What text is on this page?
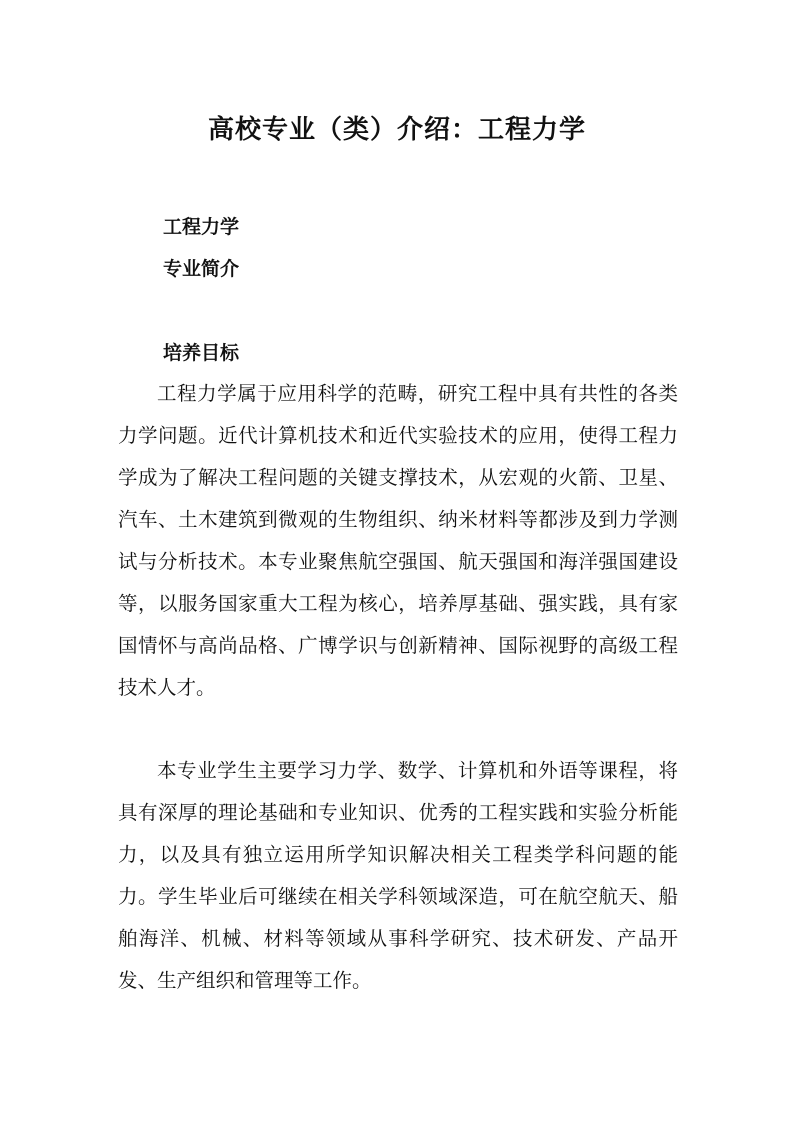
高校专业（类）介绍：工程力学
工程力学
专业简介
培养目标

工程力学属于应用科学的范畴，研究工程中具有共性的各类力学问题。近代计算机技术和近代实验技术的应用，使得工程力学成为了解决工程问题的关键支撑技术，从宏观的火箭、卫星、汽车、土木建筑到微观的生物组织、纳米材料等都涉及到力学测试与分析技术。本专业聚焦航空强国、航天强国和海洋强国建设等，以服务国家重大工程为核心，培养厚基础、强实践，具有家国情怀与高尚品格、广博学识与创新精神、国际视野的高级工程技术人才。

本专业学生主要学习力学、数学、计算机和外语等课程，将具有深厚的理论基础和专业知识、优秀的工程实践和实验分析能力，以及具有独立运用所学知识解决相关工程类学科问题的能力。学生毕业后可继续在相关学科领域深造，可在航空航天、船舶海洋、机械、材料等领域从事科学研究、技术研发、产品开发、生产组织和管理等工作。
